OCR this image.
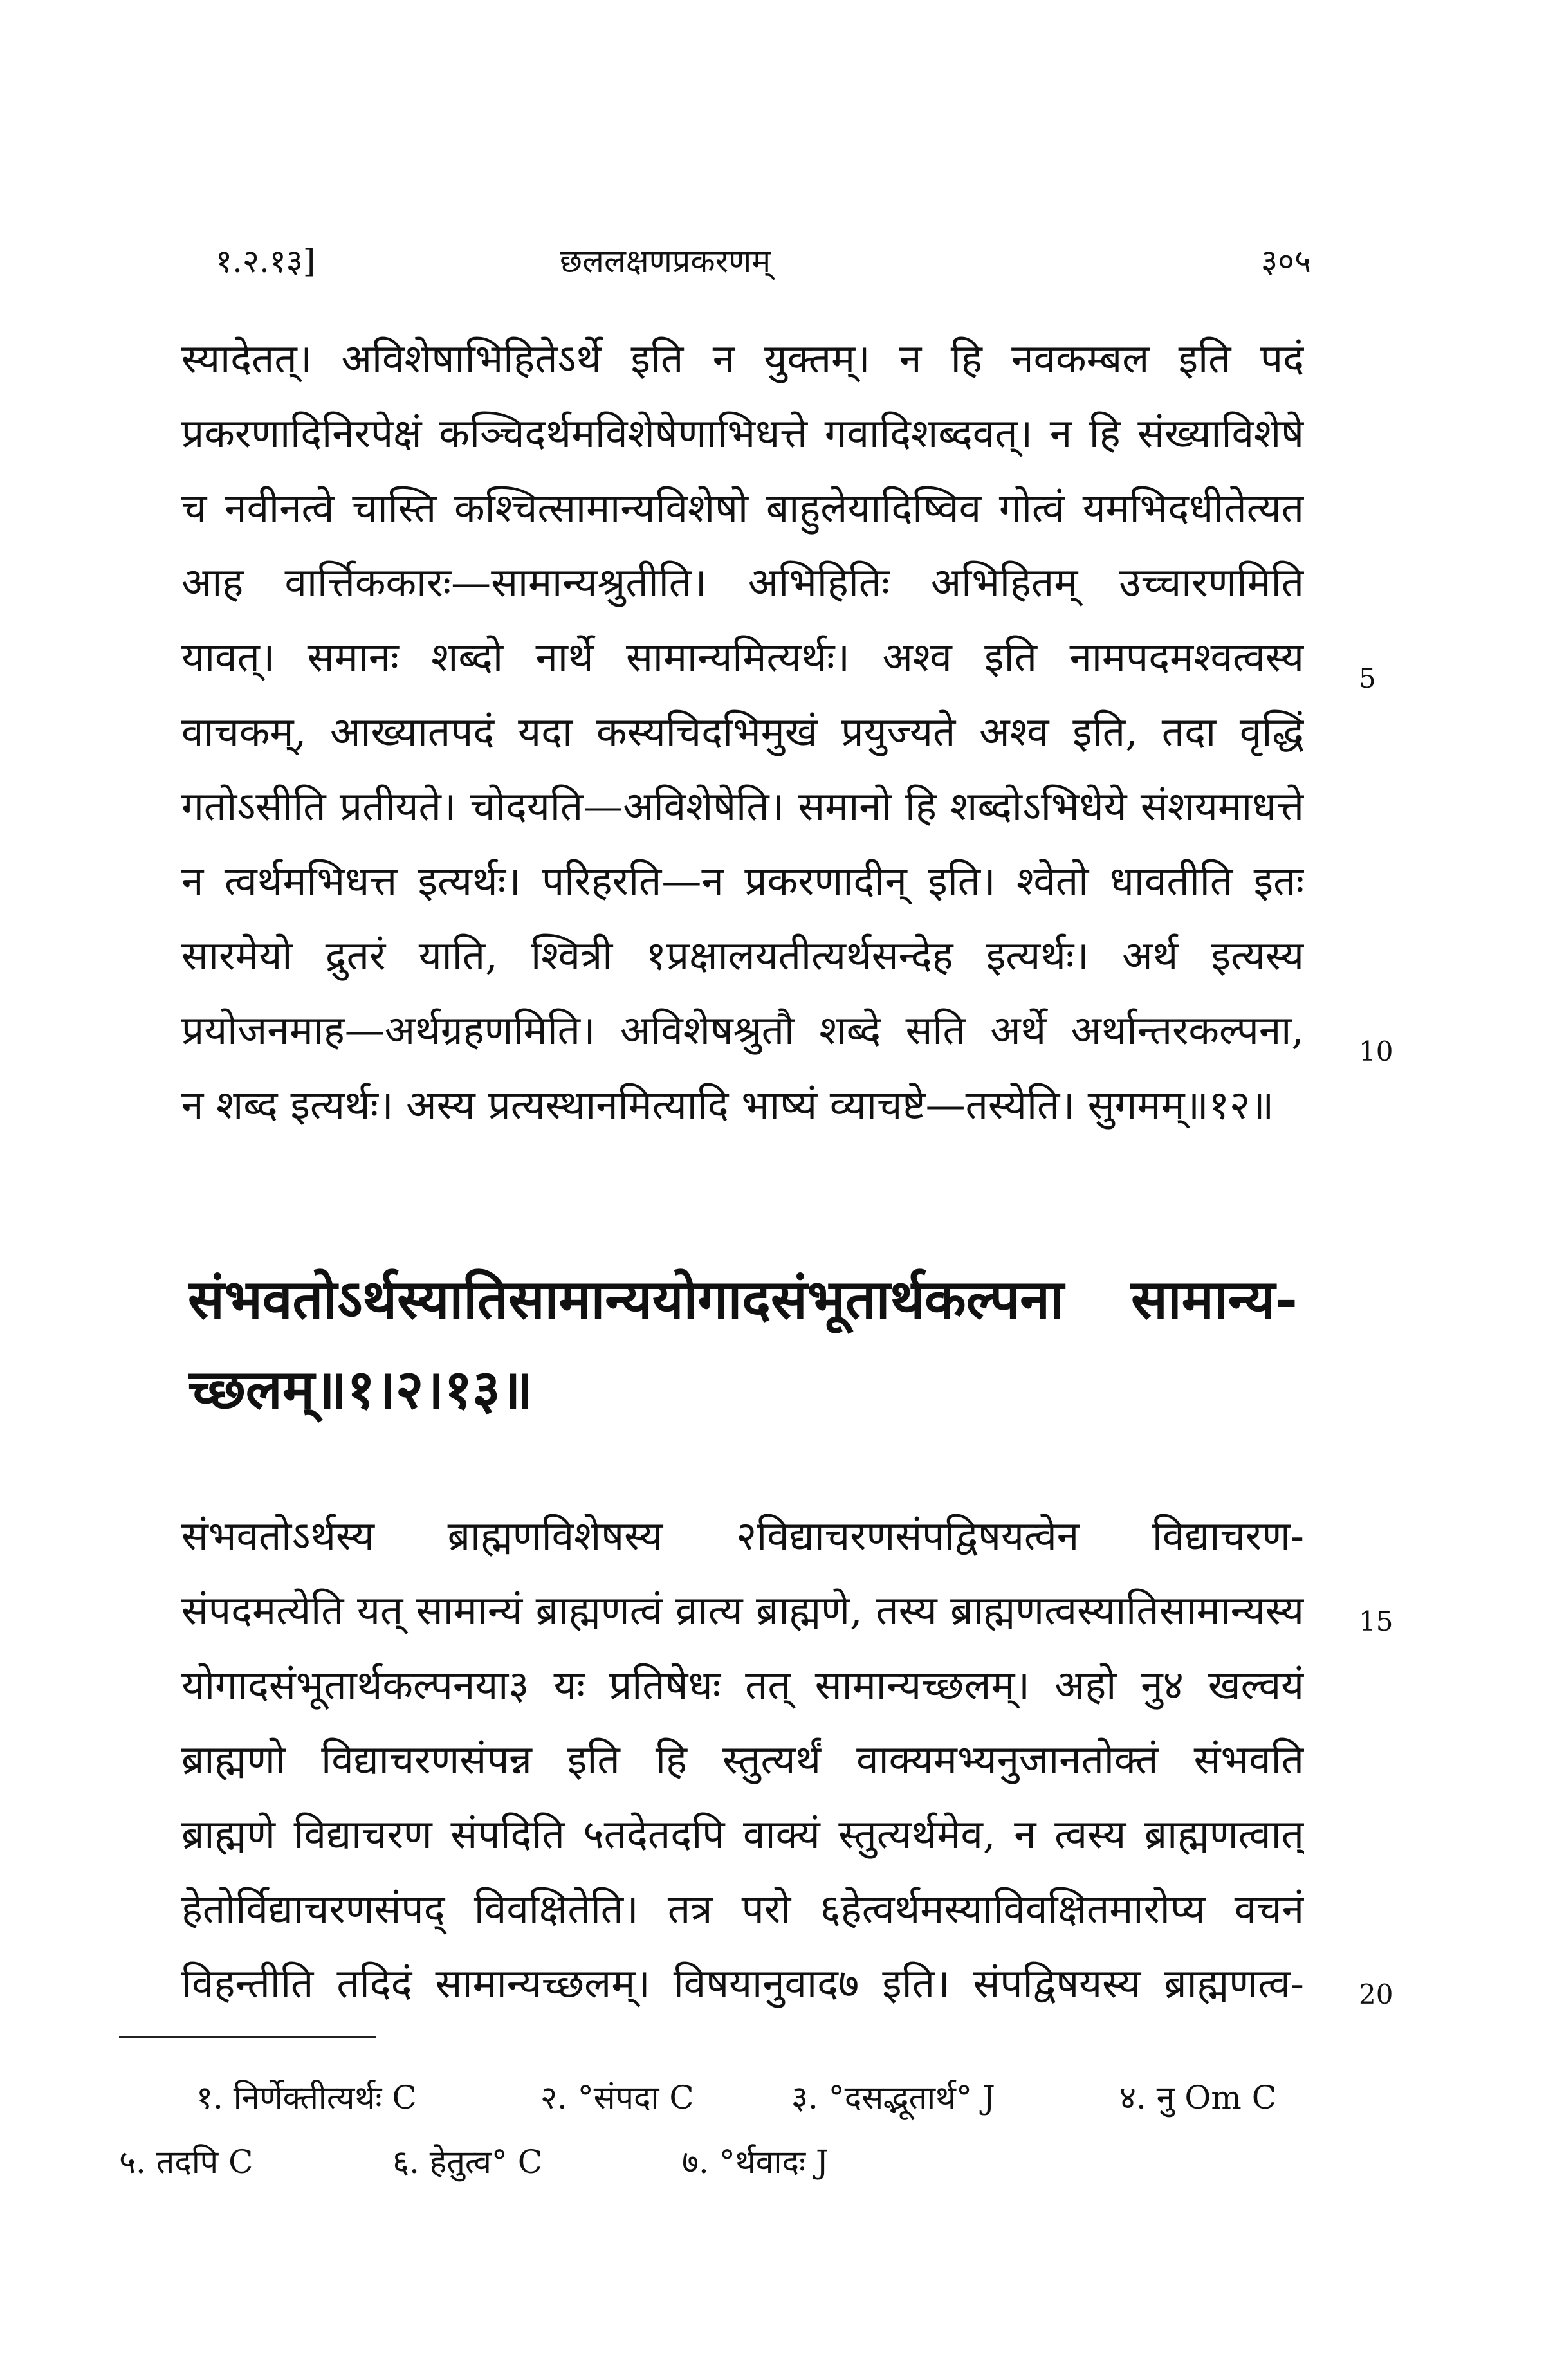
१.२.१३]	छललक्षणप्रकरणम्	३०५
स्यादेतत्। अविशेषाभिहितेऽर्थे इति न युक्तम्। न हि नवकम्बल इति पदं
प्रकरणादिनिरपेक्षं कञ्चिदर्थमविशेषेणाभिधत्ते गवादिशब्दवत्। न हि संख्याविशेषे
च नवीनत्वे चास्ति कश्चित्सामान्यविशेषो बाहुलेयादिष्विव गोत्वं यमभिदधीतेत्यत
आह वार्त्तिककारः—सामान्यश्रुतीति। अभिहितिः अभिहितम् उच्चारणमिति
यावत्। समानः शब्दो नार्थे सामान्यमित्यर्थः। अश्व इति नामपदमश्वत्वस्य
वाचकम्, आख्यातपदं यदा कस्यचिदभिमुखं प्रयुज्यते अश्व इति, तदा वृद्धिं
गतोऽसीति प्रतीयते। चोदयति—अविशेषेति। समानो हि शब्दोऽभिधेये संशयमाधत्ते
न त्वर्थमभिधत्त इत्यर्थः। परिहरति—न प्रकरणादीन् इति। श्वेतो धावतीति इतः
सारमेयो द्रुतरं याति, श्वित्री १प्रक्षालयतीत्यर्थसन्देह इत्यर्थः। अर्थ इत्यस्य
प्रयोजनमाह—अर्थग्रहणमिति। अविशेषश्रुतौ शब्दे सति अर्थे अर्थान्तरकल्पना,
न शब्द इत्यर्थः। अस्य प्रत्यस्थानमित्यादि भाष्यं व्याचष्टे—तस्येति। सुगमम्॥१२॥
संभवतोऽर्थस्यातिसामान्ययोगादसंभूतार्थकल्पना सामान्य-
च्छलम्॥१।२।१३॥
संभवतोऽर्थस्य ब्राह्मणविशेषस्य २विद्याचरणसंपद्विषयत्वेन विद्याचरण-
संपदमत्येति यत् सामान्यं ब्राह्मणत्वं व्रात्य ब्राह्मणे, तस्य ब्राह्मणत्वस्यातिसामान्यस्य
योगादसंभूतार्थकल्पनया३ यः प्रतिषेधः तत् सामान्यच्छलम्। अहो नु४ खल्वयं
ब्राह्मणो विद्याचरणसंपन्न इति हि स्तुत्यर्थं वाक्यमभ्यनुजानतोक्तं संभवति
ब्राह्मणे विद्याचरण संपदिति ५तदेतदपि वाक्यं स्तुत्यर्थमेव, न त्वस्य ब्राह्मणत्वात्
हेतोर्विद्याचरणसंपद् विवक्षितेति। तत्र परो ६हेत्वर्थमस्याविवक्षितमारोप्य वचनं
विहन्तीति तदिदं सामान्यच्छलम्। विषयानुवाद७ इति। संपद्विषयस्य ब्राह्मणत्व-
5
10
15
20
१. निर्णेक्तीत्यर्थः C	२. °संपदा C	३. °दसद्भूतार्थ° J	४. नु Om C
५. तदपि C	६. हेतुत्व° C	७. °र्थवादः J
